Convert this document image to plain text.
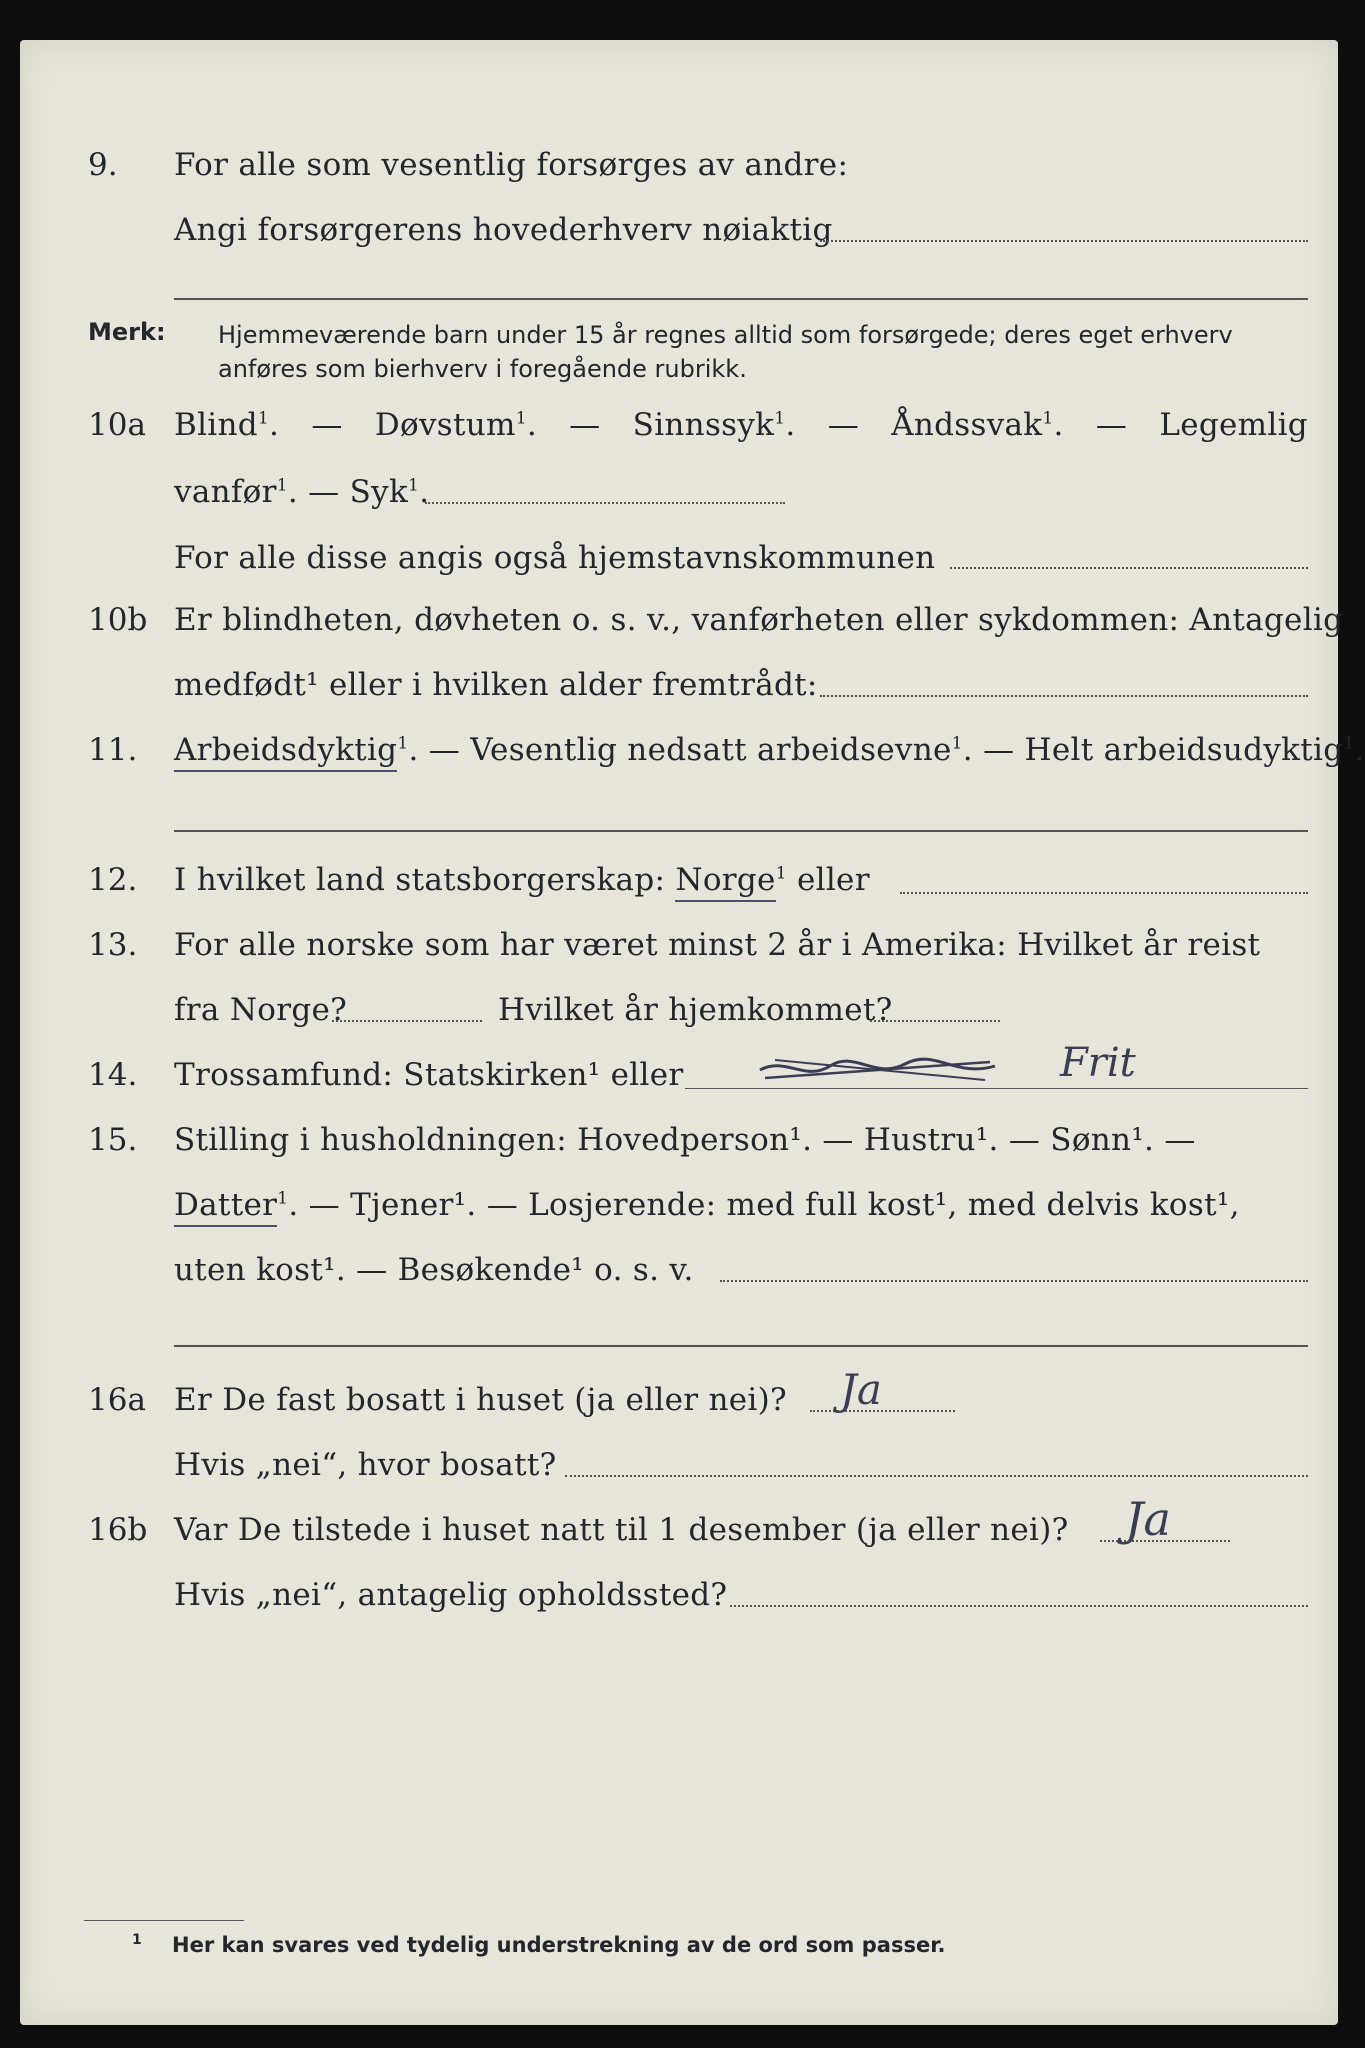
9. For alle som vesentlig forsørges av andre:
Angi forsørgerens hovederhverv nøiaktig
Merk: Hjemmeværende barn under 15 år regnes alltid som forsørgede; deres eget erhverv
anføres som bierhverv i foregående rubrikk.
10a Blind$^1$. — Døvstum$^1$. — Sinnssyk$^1$. — Åndssvak$^1$. — Legemlig
vanfør$^1$. — Syk$^1$.
For alle disse angis også hjemstavnskommunen
10b Er blindheten, døvheten o. s. v., vanførheten eller sykdommen: Antagelig
medfødt¹ eller i hvilken alder fremtrådt:
11. Arbeidsdyktig$^1$. — Vesentlig nedsatt arbeidsevne$^1$. — Helt arbeidsudyktig$^1$.
12. I hvilket land statsborgerskap: Norge$^1$ eller
13. For alle norske som har været minst 2 år i Amerika: Hvilket år reist
fra Norge?	Hvilket år hjemkommet?
14. Trossamfund: Statskirken¹ eller	Frit
15. Stilling i husholdningen: Hovedperson¹. — Hustru¹. — Sønn¹. —
Datter$^1$. — Tjener¹. — Losjerende: med full kost¹, med delvis kost¹,
uten kost¹. — Besøkende¹ o. s. v.
16a Er De fast bosatt i huset (ja eller nei)? Ja
Hvis „nei“, hvor bosatt?
16b Var De tilstede i huset natt til 1 desember (ja eller nei)? Ja
Hvis „nei“, antagelig opholdssted?
1 Her kan svares ved tydelig understrekning av de ord som passer.
